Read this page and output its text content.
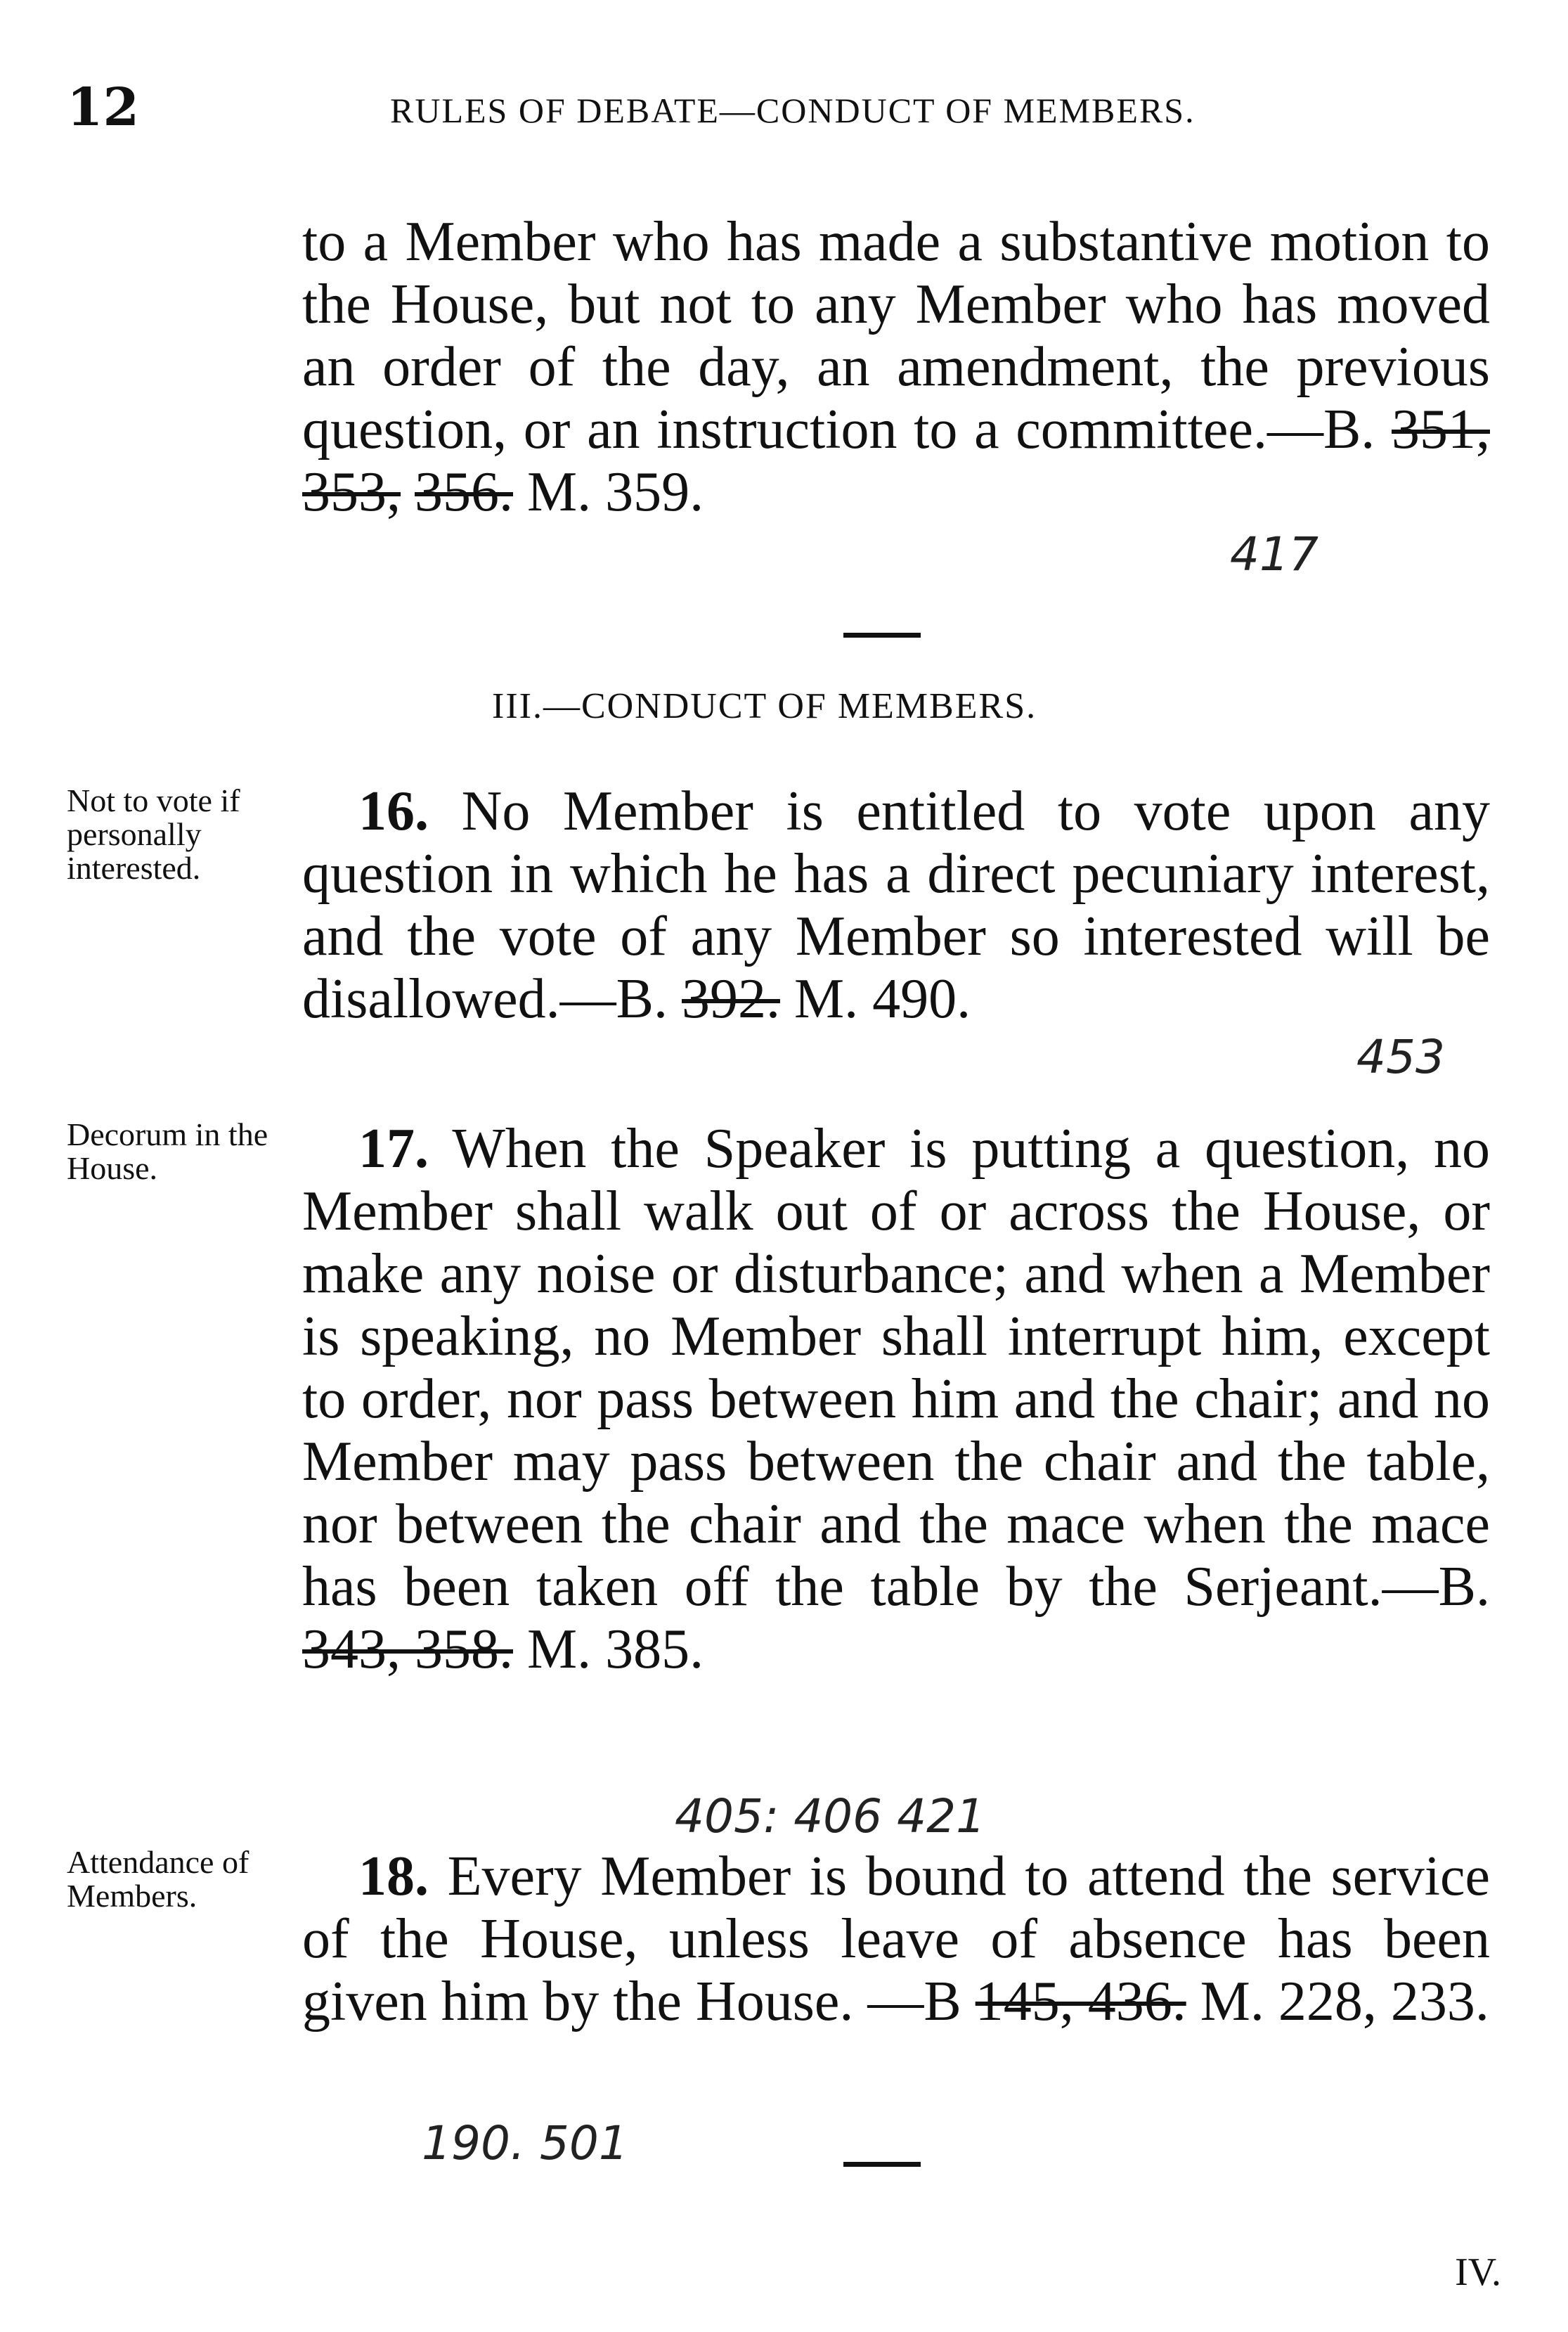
12	RULES OF DEBATE—CONDUCT OF MEMBERS.
to a Member who has made a substantive motion to the House, but not to any Member who has moved an order of the day, an amendment, the previous question, or an instruction to a committee.—B. 351, 353, 356. M. 359.
417
III.—CONDUCT OF MEMBERS.
Not to vote if personally interested.
16. No Member is entitled to vote upon any question in which he has a direct pecuniary interest, and the vote of any Member so interested will be disallowed.—B. 392. M. 490.
453
Decorum in the House.	17. When the Speaker is putting a question, no Member shall walk out of or across the House, or make any noise or disturbance; and when a Member is speaking, no Member shall interrupt him, except to order, nor pass between him and the chair; and no Member may pass between the chair and the table, nor between the chair and the mace when the mace has been taken off the table by the Serjeant.—B. 343, 358. M. 385.
405: 406 421
Attendance of Members.	18. Every Member is bound to attend the service of the House, unless leave of absence has been given him by the House. —B 145, 436. M. 228, 233.
190. 501
IV.
